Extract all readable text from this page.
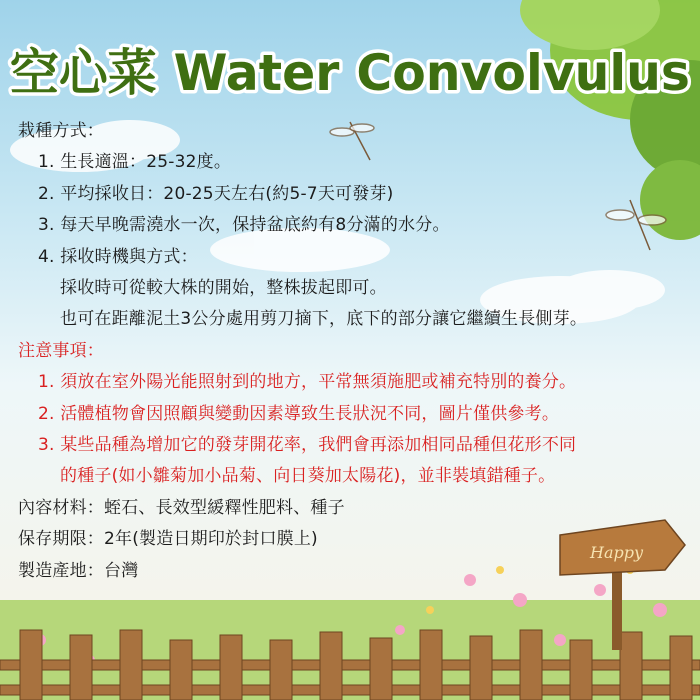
Happy
空心菜 Water Convolvulus
栽種方式：
1. 生長適溫：25-32度。
2. 平均採收日：20-25天左右(約5-7天可發芽)
3. 每天早晚需澆水一次，保持盆底約有8分滿的水分。
4. 採收時機與方式：
採收時可從較大株的開始，整株拔起即可。
也可在距離泥土3公分處用剪刀摘下，底下的部分讓它繼續生長側芽。
注意事項：
1. 須放在室外陽光能照射到的地方，平常無須施肥或補充特別的養分。
2. 活體植物會因照顧與變動因素導致生長狀況不同，圖片僅供參考。
3. 某些品種為增加它的發芽開花率，我們會再添加相同品種但花形不同
的種子(如小雛菊加小品菊、向日葵加太陽花)，並非裝填錯種子。
內容材料：蛭石、長效型緩釋性肥料、種子
保存期限：2年(製造日期印於封口膜上)
製造產地：台灣
